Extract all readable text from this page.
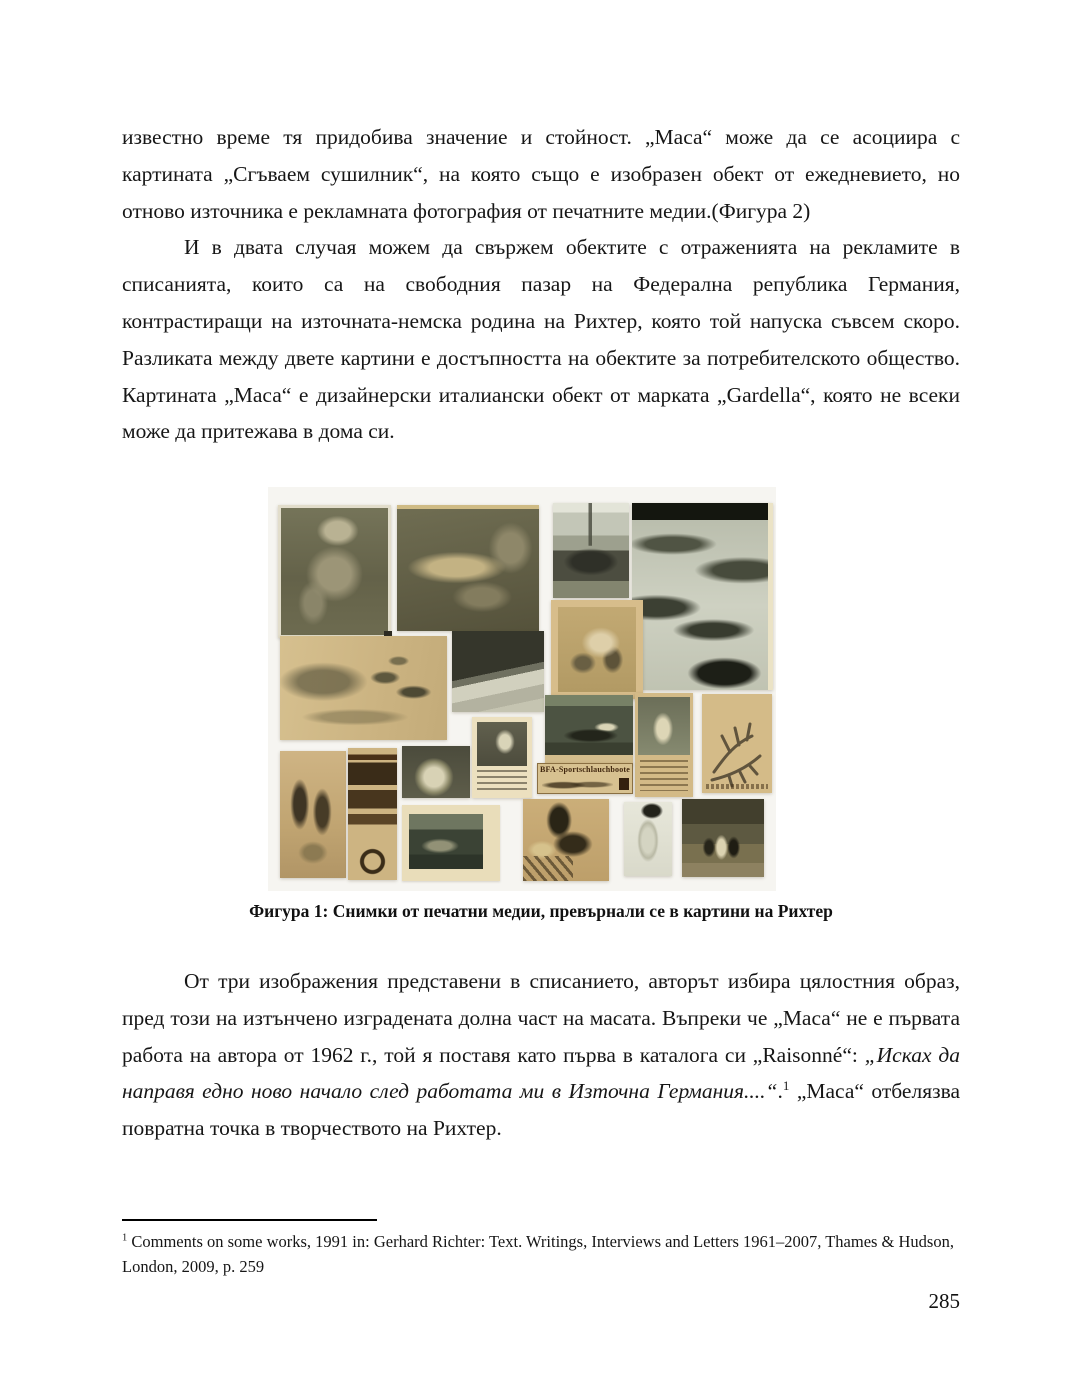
известно време тя придобива значение и стойност. „Маса“ може да се асоциира с картината „Сгъваем сушилник“, на която също е изобразен обект от ежедневието, но отново източника е рекламната фотография от печатните медии.(Фигура 2)

И в двата случая можем да свържем обектите с отраженията на рекламите в списанията, които са на свободния пазар на Федерална република Германия, контрастиращи на източната-немска родина на Рихтер, която той напуска съвсем скоро. Разликата между двете картини е достъпността на обектите за потребителското общество. Картината „Маса“ е дизайнерски италиански обект от марката „Gardella“, която не всеки може да притежава в дома си.

BFA-Sportschlauchboote
Фигура 1: Снимки от печатни медии, превърнали се в картини на Рихтер

От три изображения представени в списанието, авторът избира цялостния образ, пред този на изтънчено изградената долна част на масата. Въпреки че „Маса“ не е първата работа на автора от 1962 г., той я поставя като първа в каталога си „Raisonné“: „Исках да направя едно ново начало след работата ми в Източна Германия....“.$^1$ „Маса“ отбелязва повратна точка в творчеството на Рихтер.

$^1$ Comments on some works, 1991 in: Gerhard Richter: Text. Writings, Interviews and Letters 1961–2007, Thames & Hudson, London, 2009, p. 259
285
